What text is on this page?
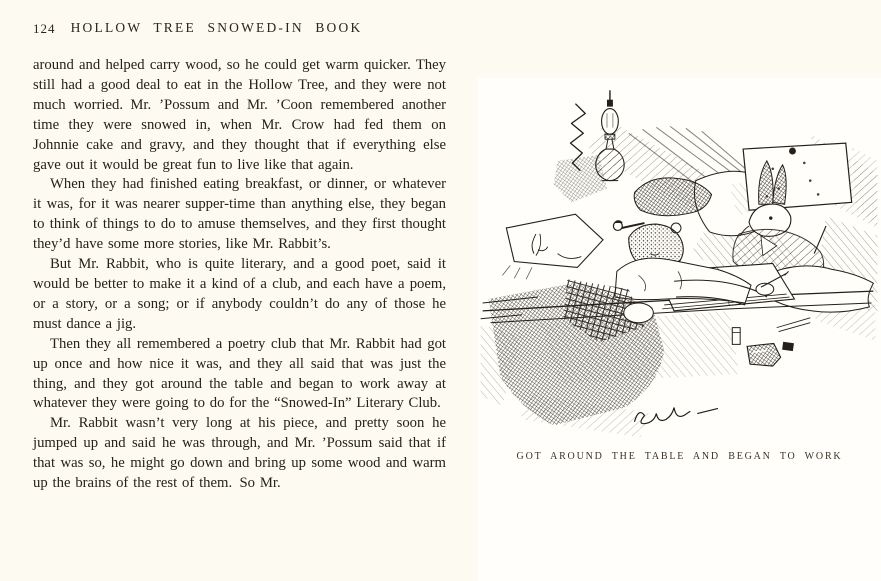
124	HOLLOW TREE SNOWED-IN BOOK

around and helped carry wood, so he could get warm quicker. They still had a good deal to eat in the Hollow Tree, and they were not much worried. Mr. ’Possum and Mr. ’Coon remembered another time they were snowed in, when Mr. Crow had fed them on Johnnie cake and gravy, and they thought that if everything else gave out it would be great fun to live like that again.

When they had finished eating breakfast, or dinner, or whatever it was, for it was nearer supper-time than anything else, they began to think of things to do to amuse themselves, and they first thought they’d have some more stories, like Mr. Rabbit’s.

But Mr. Rabbit, who is quite literary, and a good poet, said it would be better to make it a kind of a club, and each have a poem, or a story, or a song; or if anybody couldn’t do any of those he must dance a jig.

Then they all remembered a poetry club that Mr. Rabbit had got up once and how nice it was, and they all said that was just the thing, and they got around the table and began to work away at whatever they were going to do for the “Snowed-In” Literary Club.

Mr. Rabbit wasn’t very long at his piece, and pretty soon he jumped up and said he was through, and Mr. ’Possum said that if that was so, he might go down and bring up some wood and warm up the brains of the rest of them. So Mr.

GOT AROUND THE TABLE AND BEGAN TO WORK
